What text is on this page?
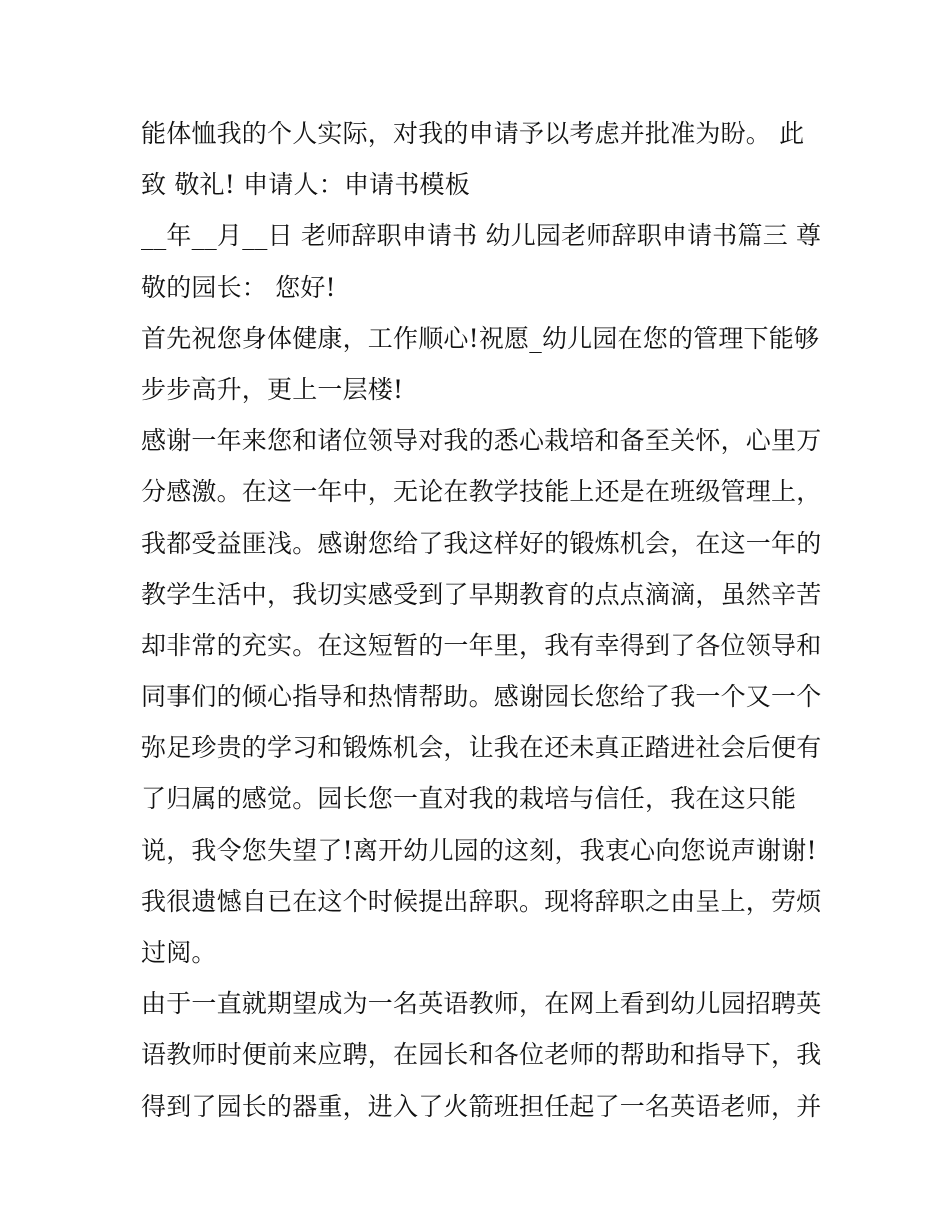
能体恤我的个人实际，对我的申请予以考虑并批准为盼。 此
致 敬礼! 申请人：申请书模板
__年__月__日 老师辞职申请书 幼儿园老师辞职申请书篇三 尊
敬的园长： 您好!
首先祝您身体健康，工作顺心!祝愿_幼儿园在您的管理下能够
步步高升，更上一层楼!
感谢一年来您和诸位领导对我的悉心栽培和备至关怀，心里万
分感激。在这一年中，无论在教学技能上还是在班级管理上，
我都受益匪浅。感谢您给了我这样好的锻炼机会，在这一年的
教学生活中，我切实感受到了早期教育的点点滴滴，虽然辛苦
却非常的充实。在这短暂的一年里，我有幸得到了各位领导和
同事们的倾心指导和热情帮助。感谢园长您给了我一个又一个
弥足珍贵的学习和锻炼机会，让我在还未真正踏进社会后便有
了归属的感觉。园长您一直对我的栽培与信任，我在这只能
说，我令您失望了!离开幼儿园的这刻，我衷心向您说声谢谢!
我很遗憾自已在这个时候提出辞职。现将辞职之由呈上，劳烦
过阅。
由于一直就期望成为一名英语教师，在网上看到幼儿园招聘英
语教师时便前来应聘，在园长和各位老师的帮助和指导下，我
得到了园长的器重，进入了火箭班担任起了一名英语老师，并
